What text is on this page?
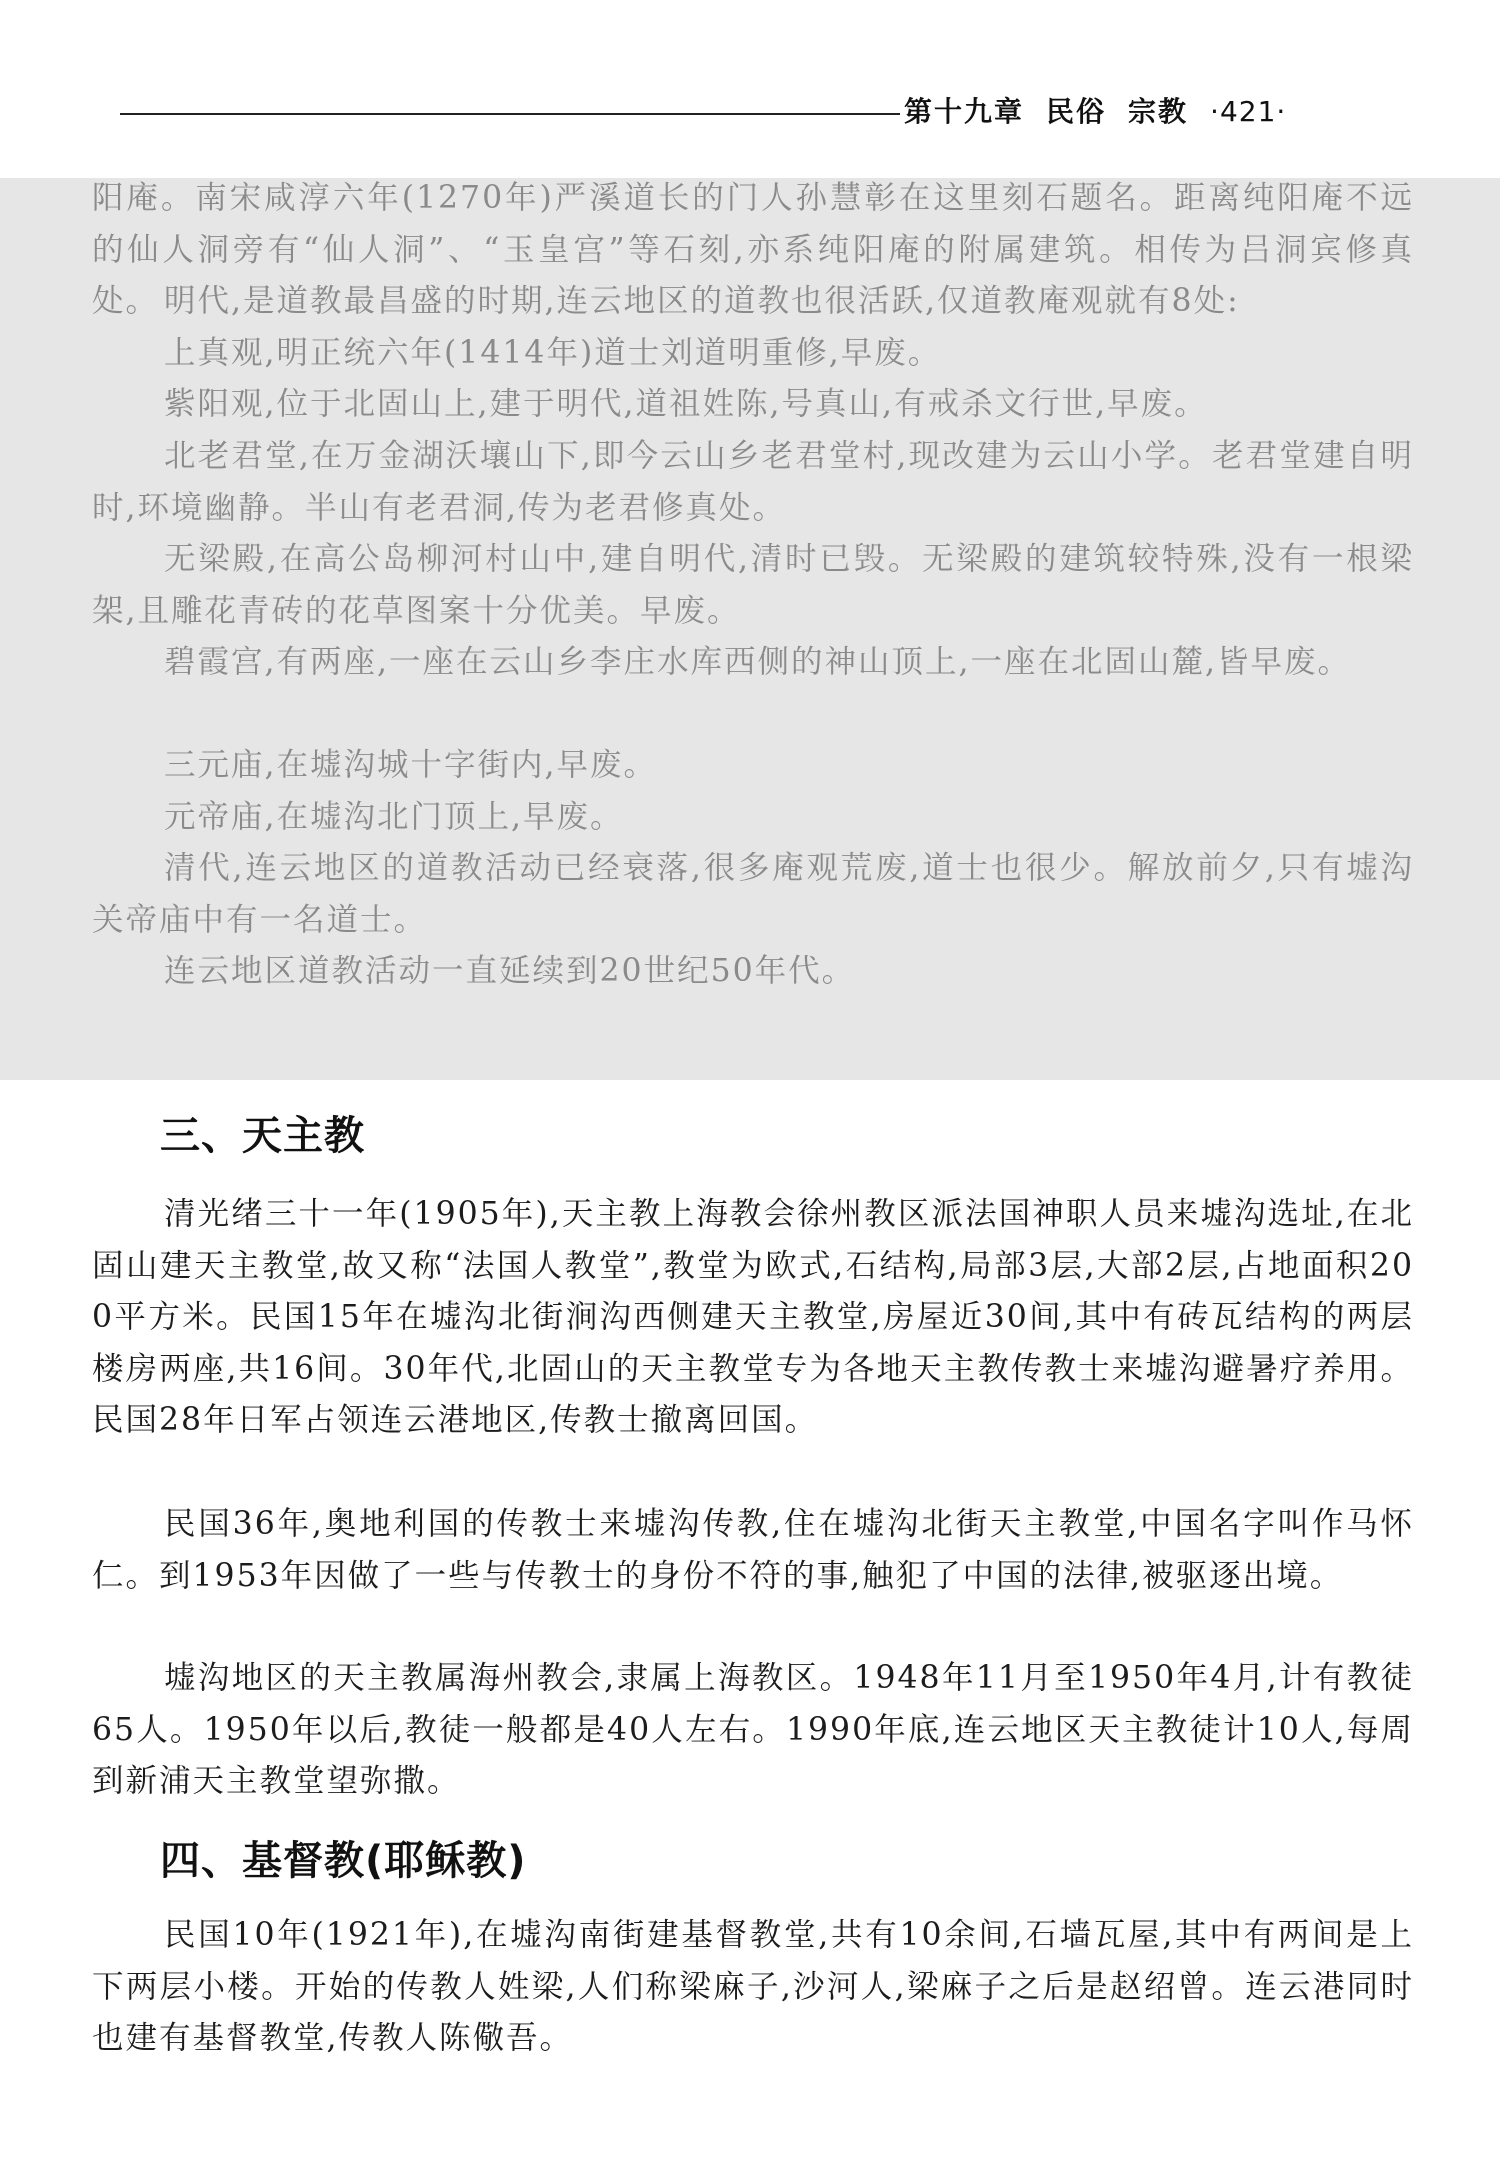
第十九章 民俗 宗教 ·421·
阳庵。南宋咸淳六年(1270年)严溪道长的门人孙慧彰在这里刻石题名。距离纯阳庵不远的仙人洞旁有“仙人洞”、“玉皇宫”等石刻,亦系纯阳庵的附属建筑。相传为吕洞宾修真处。 明代,是道教最昌盛的时期,连云地区的道教也很活跃,仅道教庵观就有8处:
上真观,明正统六年(1414年)道士刘道明重修,早废。
紫阳观,位于北固山上,建于明代,道祖姓陈,号真山,有戒杀文行世,早废。
北老君堂,在万金湖沃壤山下,即今云山乡老君堂村,现改建为云山小学。老君堂建自明时,环境幽静。半山有老君洞,传为老君修真处。
无梁殿,在高公岛柳河村山中,建自明代,清时已毁。无梁殿的建筑较特殊,没有一根梁架,且雕花青砖的花草图案十分优美。早废。
碧霞宫,有两座,一座在云山乡李庄水库西侧的神山顶上,一座在北固山麓,皆早废。
三元庙,在墟沟城十字街内,早废。
元帝庙,在墟沟北门顶上,早废。
清代,连云地区的道教活动已经衰落,很多庵观荒废,道士也很少。解放前夕,只有墟沟关帝庙中有一名道士。
连云地区道教活动一直延续到20世纪50年代。
三、天主教
清光绪三十一年(1905年),天主教上海教会徐州教区派法国神职人员来墟沟选址,在北固山建天主教堂,故又称“法国人教堂”,教堂为欧式,石结构,局部3层,大部2层,占地面积200平方米。民国15年在墟沟北街涧沟西侧建天主教堂,房屋近30间,其中有砖瓦结构的两层楼房两座,共16间。30年代,北固山的天主教堂专为各地天主教传教士来墟沟避暑疗养用。民国28年日军占领连云港地区,传教士撤离回国。
民国36年,奥地利国的传教士来墟沟传教,住在墟沟北街天主教堂,中国名字叫作马怀仁。到1953年因做了一些与传教士的身份不符的事,触犯了中国的法律,被驱逐出境。
墟沟地区的天主教属海州教会,隶属上海教区。1948年11月至1950年4月,计有教徒65人。1950年以后,教徒一般都是40人左右。1990年底,连云地区天主教徒计10人,每周到新浦天主教堂望弥撒。
四、基督教(耶稣教)
民国10年(1921年),在墟沟南街建基督教堂,共有10余间,石墙瓦屋,其中有两间是上下两层小楼。开始的传教人姓梁,人们称梁麻子,沙河人,梁麻子之后是赵绍曾。连云港同时也建有基督教堂,传教人陈儆吾。
